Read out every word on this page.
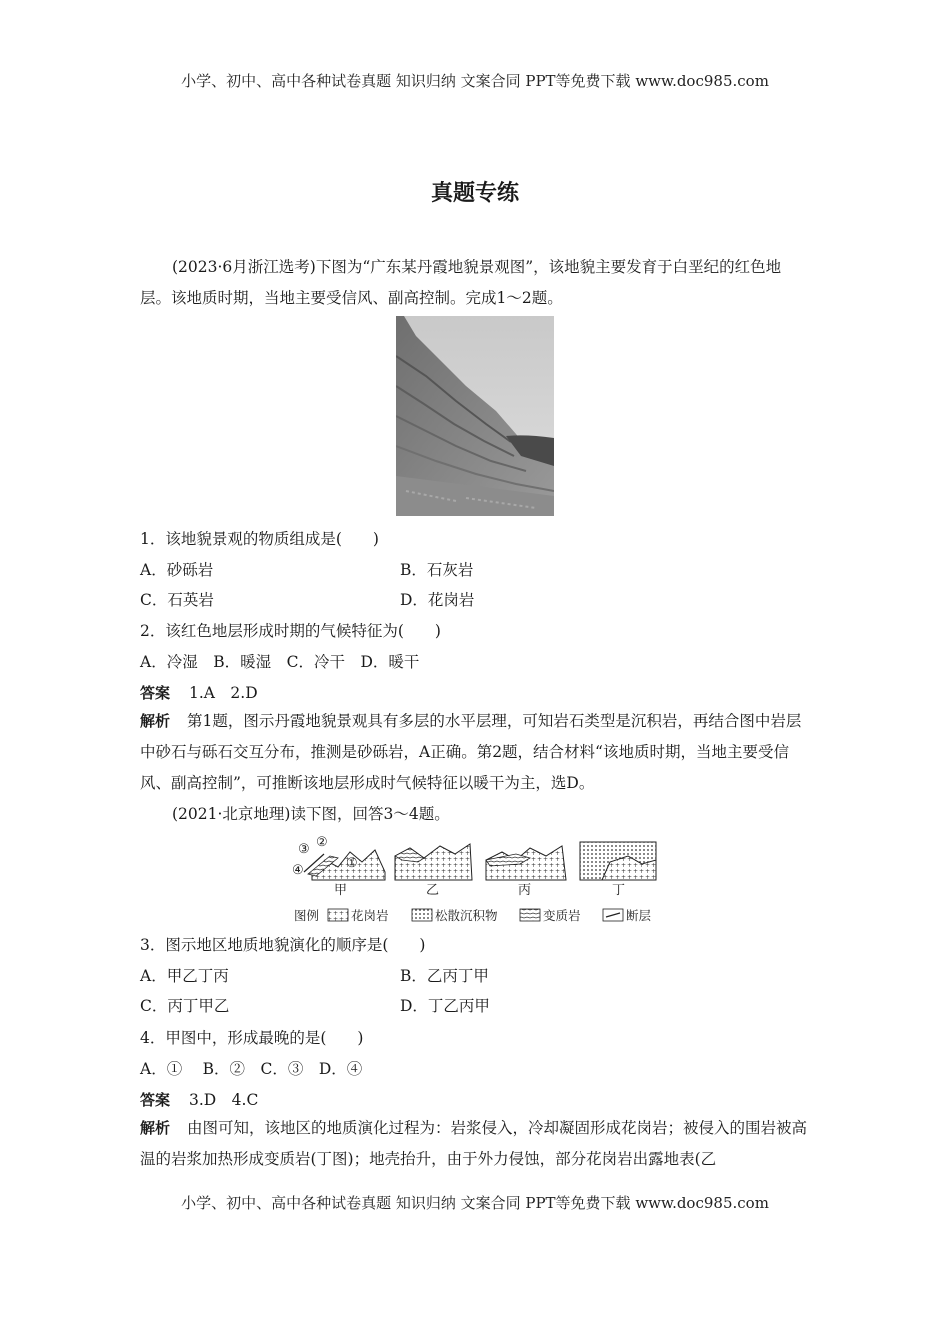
小学、初中、高中各种试卷真题 知识归纳 文案合同 PPT等免费下载 www.doc985.com
真题专练
(2023·6月浙江选考)下图为“广东某丹霞地貌景观图”，该地貌主要发育于白垩纪的红色地层。该地质时期，当地主要受信风、副高控制。完成1～2题。
1．该地貌景观的物质组成是(　　)
A．砂砾岩	B．石灰岩
C．石英岩	D．花岗岩
2．该红色地层形成时期的气候特征为(　　)
A．冷湿　B．暖湿　C．冷干　D．暖干
答案 1.A　2.D
解析 第1题，图示丹霞地貌景观具有多层的水平层理，可知岩石类型是沉积岩，再结合图中岩层中砂石与砾石交互分布，推测是砂砾岩，A正确。第2题，结合材料“该地质时期，当地主要受信风、副高控制”，可推断该地层形成时气候特征以暖干为主，选D。
(2021·北京地理)读下图，回答3～4题。
③ ②
④	①
甲	乙	丙	丁
图例	花岗岩	松散沉积物	变质岩	断层
3．图示地区地质地貌演化的顺序是(　　)
A．甲乙丁丙	B．乙丙丁甲
C．丙丁甲乙	D．丁乙丙甲
4．甲图中，形成最晚的是(　　)
A．①　 B．②　C．③　D．④
答案 3.D　4.C
解析 由图可知，该地区的地质演化过程为：岩浆侵入，冷却凝固形成花岗岩；被侵入的围岩被高温的岩浆加热形成变质岩(丁图)；地壳抬升，由于外力侵蚀，部分花岗岩出露地表(乙
小学、初中、高中各种试卷真题 知识归纳 文案合同 PPT等免费下载 www.doc985.com
